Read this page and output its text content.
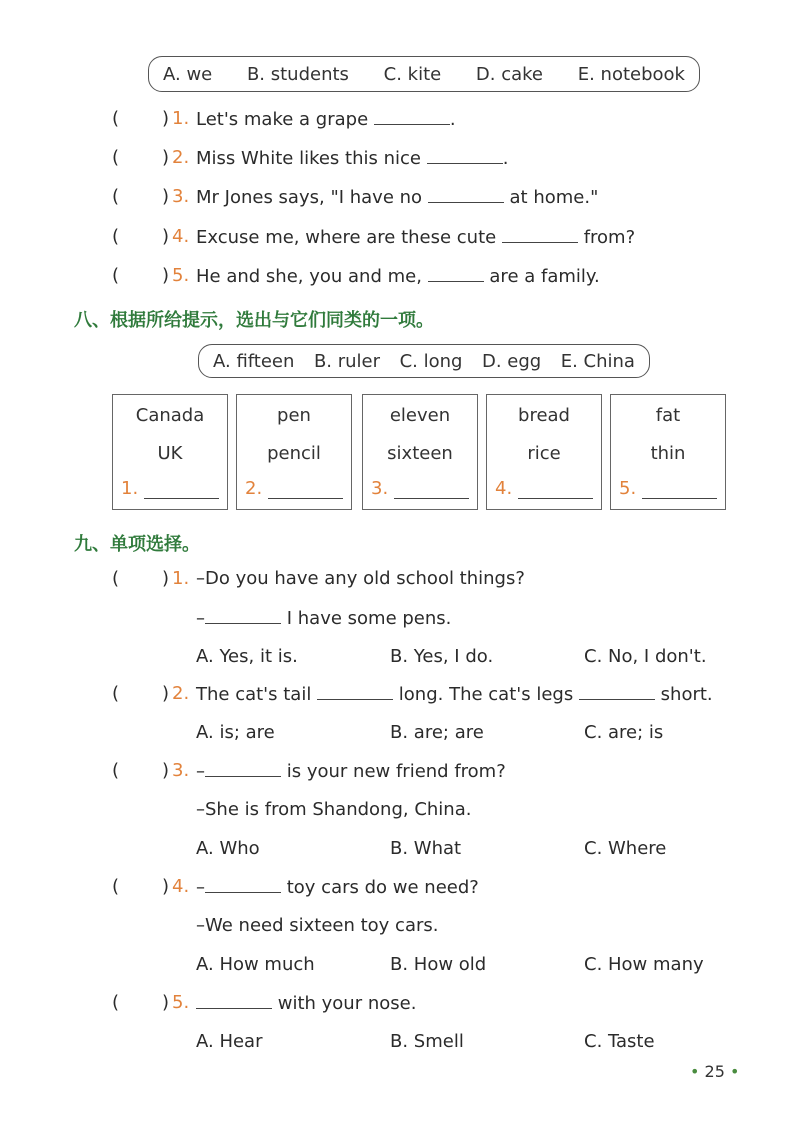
A. we B. students C. kite D. cake E. notebook
( ) 1. Let's make a grape	.
( ) 2. Miss White likes this nice	.
( ) 3. Mr Jones says, "I have no	at home."
( ) 4. Excuse me, where are these cute	from?
( ) 5. He and she, you and me,	are a family.
八、根据所给提示，选出与它们同类的一项。
A. fifteen B. ruler C. long D. egg E. China
Canada
UK
1.
pen
pencil
2.
eleven
sixteen
3.
bread
rice
4.
fat
thin
5.
九、单项选择。
( ) 1. –Do you have any old school things?
–	I have some pens.
A. Yes, it is.	B. Yes, I do.	C. No, I don't.
( ) 2. The cat's tail	long. The cat's legs	short.
A. is; are	B. are; are	C. are; is
( ) 3. –	is your new friend from?
–She is from Shandong, China.
A. Who	B. What	C. Where
( ) 4. –	toy cars do we need?
–We need sixteen toy cars.
A. How much	B. How old	C. How many
( ) 5.	with your nose.
A. Hear	B. Smell	C. Taste
• 25 •
